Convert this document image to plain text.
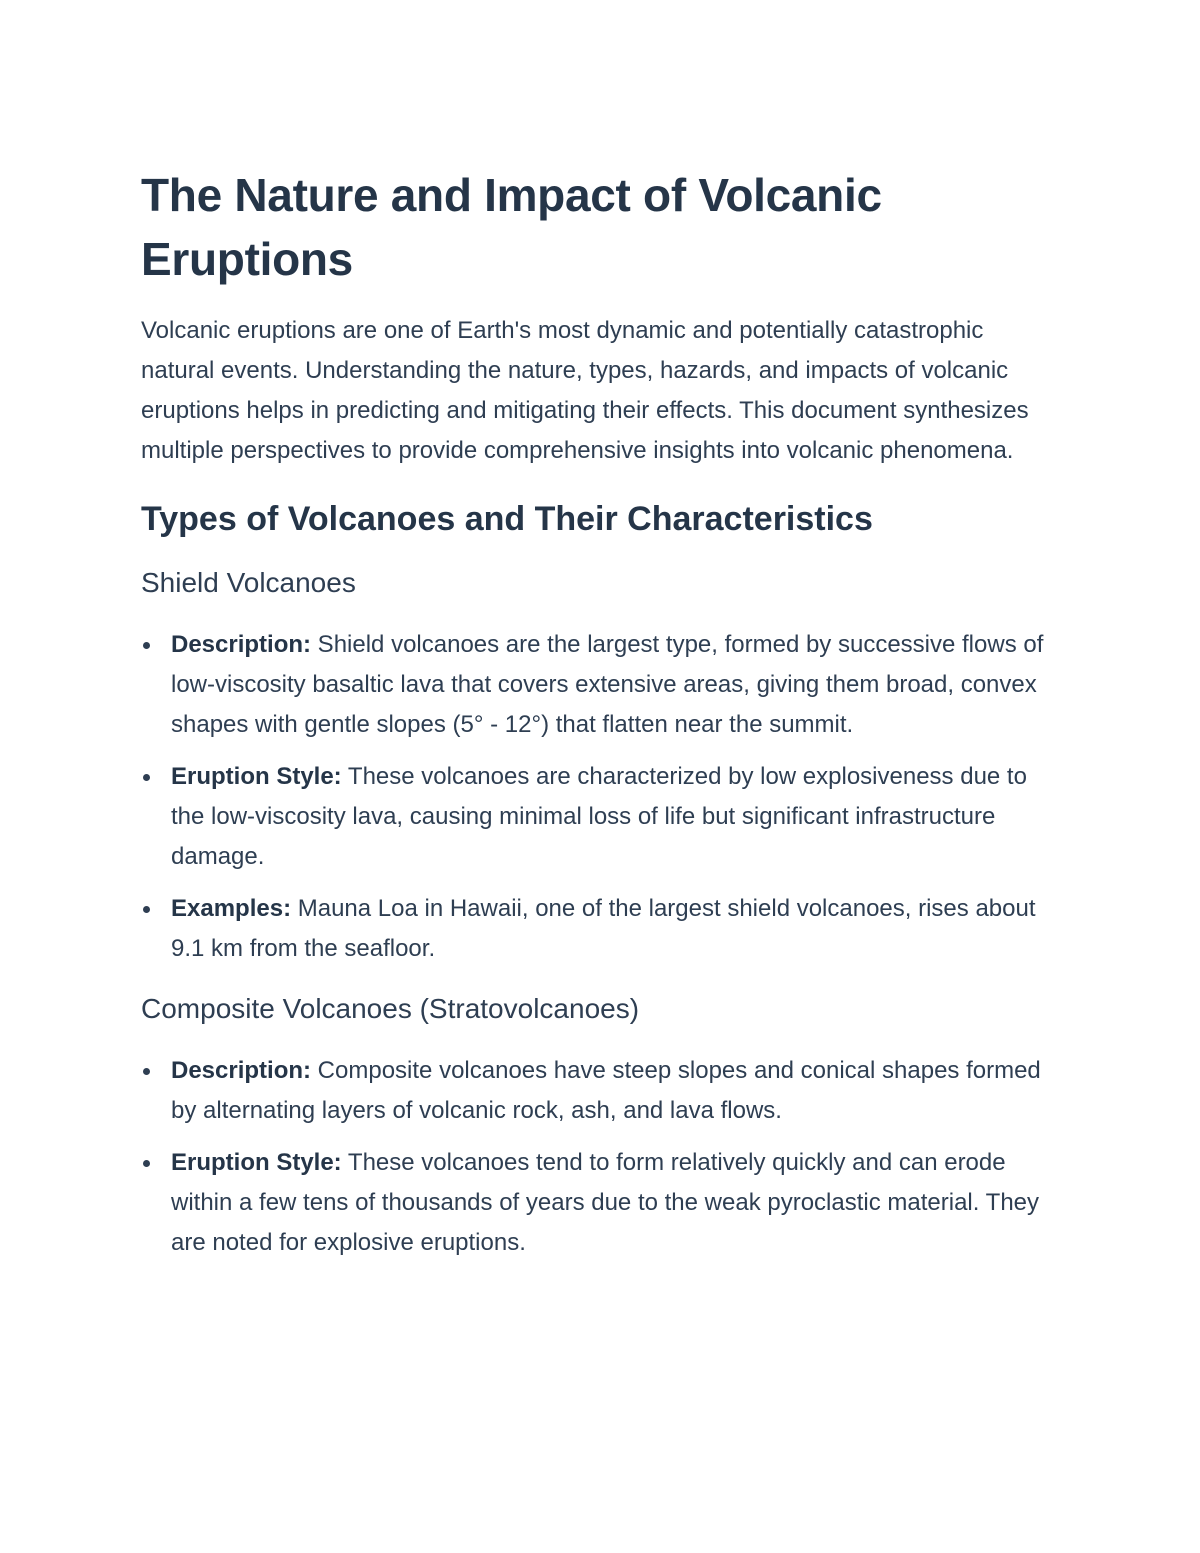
The Nature and Impact of Volcanic Eruptions

Volcanic eruptions are one of Earth's most dynamic and potentially catastrophic natural events. Understanding the nature, types, hazards, and impacts of volcanic eruptions helps in predicting and mitigating their effects. This document synthesizes multiple perspectives to provide comprehensive insights into volcanic phenomena.

Types of Volcanoes and Their Characteristics
Shield Volcanoes
Description: Shield volcanoes are the largest type, formed by successive flows of low-viscosity basaltic lava that covers extensive areas, giving them broad, convex shapes with gentle slopes (5° - 12°) that flatten near the summit.
Eruption Style: These volcanoes are characterized by low explosiveness due to the low-viscosity lava, causing minimal loss of life but significant infrastructure damage.
Examples: Mauna Loa in Hawaii, one of the largest shield volcanoes, rises about 9.1 km from the seafloor.
Composite Volcanoes (Stratovolcanoes)
Description: Composite volcanoes have steep slopes and conical shapes formed by alternating layers of volcanic rock, ash, and lava flows.
Eruption Style: These volcanoes tend to form relatively quickly and can erode within a few tens of thousands of years due to the weak pyroclastic material. They are noted for explosive eruptions.
